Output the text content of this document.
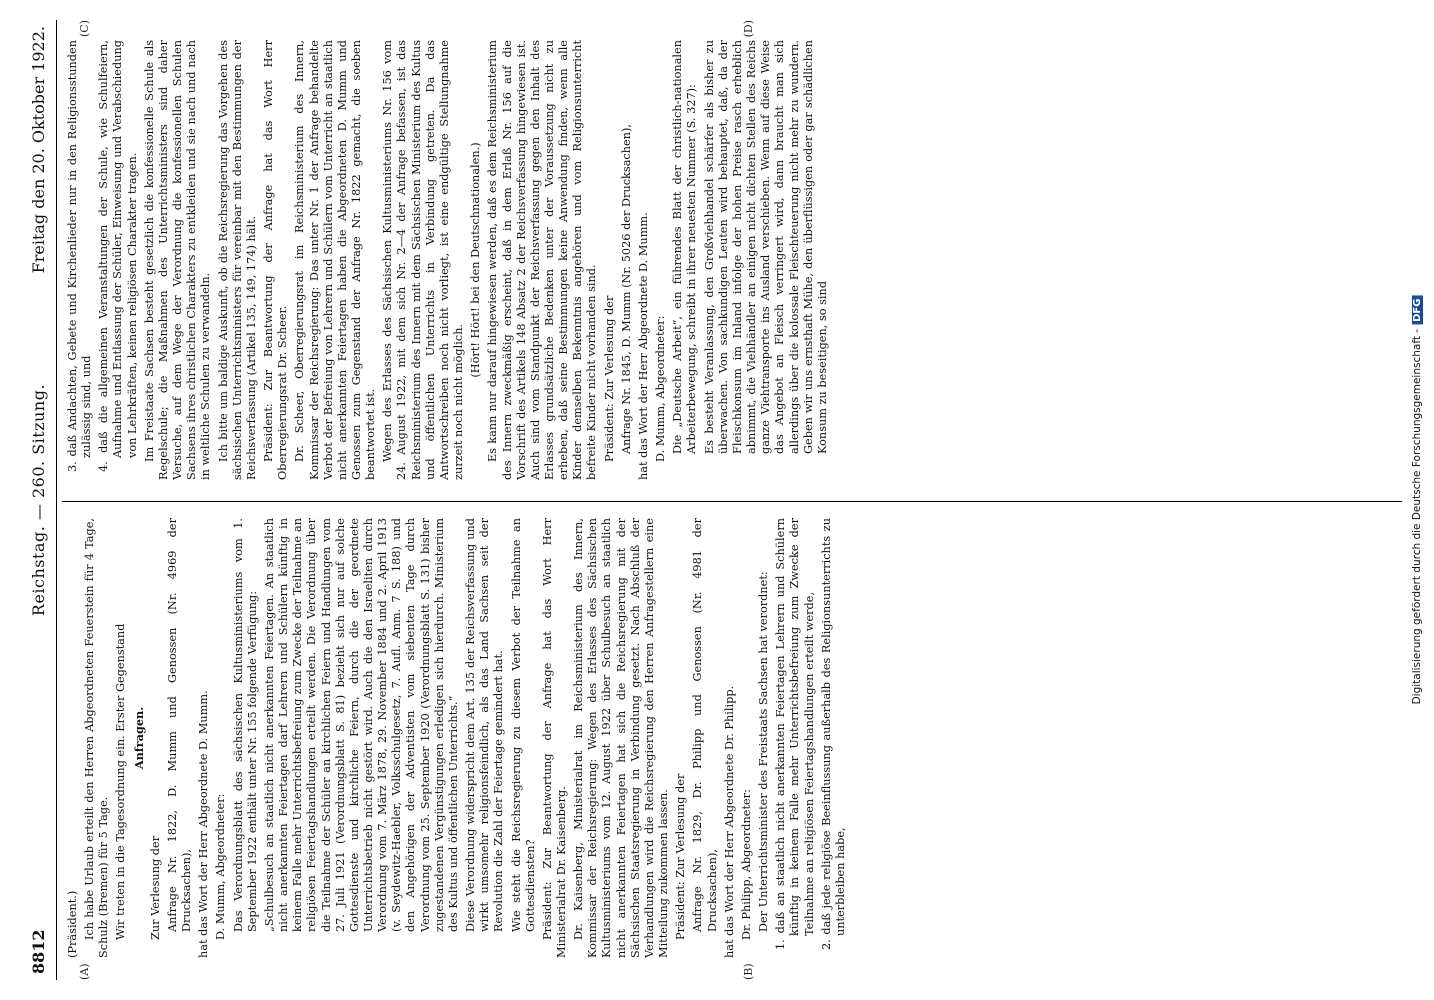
8812
Reichstag. — 260. Sitzung.
Freitag den 20. Oktober 1922.
(A)	(B)
(C)	(D)

(Präsident.) Ich habe Urlaub erteilt den Herren Abgeordneten Feuerstein für 4 Tage, Schulz (Bremen) für 5 Tage. Wir treten in die Tagesordnung ein. Erster Gegenstand Anfragen.

Zur Verlesung der Anfrage Nr. 1822, D. Mumm und Genossen (Nr. 4969 der Drucksachen), hat das Wort der Herr Abgeordnete D. Mumm. D. Mumm, Abgeordneter: Das Verordnungsblatt des sächsischen Kultusministeriums vom 1. September 1922 enthält unter Nr. 155 folgende Verfügung: „Schulbesuch an staatlich nicht anerkannten Feiertagen. An staatlich nicht anerkannten Feiertagen darf Lehrern und Schülern künftig in keinem Falle mehr Unterrichtsbefreiung zum Zwecke der Teilnahme an religiösen Feiertagshandlungen erteilt werden. Die Verordnung über die Teilnahme der Schüler an kirchlichen Feiern und Handlungen vom 27. Juli 1921 (Verordnungsblatt S. 81) bezieht sich nur auf solche Gottesdienste und kirchliche Feiern, durch die der geordnete Unterrichtsbetrieb nicht gestört wird. Auch die den Israeliten durch Verordnung vom 7. März 1878, 29. November 1884 und 2. April 1913 (v. Seydewitz-Haebler, Volksschulgesetz, 7. Aufl. Anm. 7 S. 188) und den Angehörigen der Adventisten vom siebenten Tage durch Verordnung vom 25. September 1920 (Verordnungsblatt S. 131) bisher zugestandenen Vergünstigungen erledigen sich hierdurch. Ministerium des Kultus und öffentlichen Unterrichts.“ Diese Verordnung widerspricht dem Art. 135 der Reichsverfassung und wirkt umsomehr religionsfeindlich, als das Land Sachsen seit der Revolution die Zahl der Feiertage gemindert hat. Wie steht die Reichsregierung zu diesem Verbot der Teilnahme an Gottesdiensten? Präsident: Zur Beantwortung der Anfrage hat das Wort Herr Ministerialrat Dr. Kaisenberg. Dr. Kaisenberg, Ministerialrat im Reichsministerium des Innern, Kommissar der Reichsregierung: Wegen des Erlasses des Sächsischen Kultusministeriums vom 12. August 1922 über Schulbesuch an staatlich nicht anerkannten Feiertagen hat sich die Reichsregierung mit der Sächsischen Staatsregierung in Verbindung gesetzt. Nach Abschluß der Verhandlungen wird die Reichsregierung den Herren Anfragestellern eine Mitteilung zukommen lassen. Präsident: Zur Verlesung der Anfrage Nr. 1829, Dr. Philipp und Genossen (Nr. 4981 der Drucksachen), hat das Wort der Herr Abgeordnete Dr. Philipp. Dr. Philipp, Abgeordneter: Der Unterrichtsminister des Freistaats Sachsen hat verordnet: 1. daß an staatlich nicht anerkannten Feiertagen Lehrern und Schülern künftig in keinem Falle mehr Unterrichtsbefreiung zum Zwecke der Teilnahme an religiösen Feiertagshandlungen erteilt werde, 2. daß jede religiöse Beeinflussung außerhalb des Religionsunterrichts zu unterbleiben habe,

3. daß Andachten, Gebete und Kirchenlieder nur in den Religionsstunden zulässig sind, und 4. daß die allgemeinen Veranstaltungen der Schule, wie Schulfeiern, Aufnahme und Entlassung der Schüler, Einweisung und Verabschiedung von Lehrkräften, keinen religiösen Charakter tragen. Im Freistaate Sachsen besteht gesetzlich die konfessionelle Schule als Regelschule; die Maßnahmen des Unterrichtsministers sind daher Versuche, auf dem Wege der Verordnung die konfessionellen Schulen Sachsens ihres christlichen Charakters zu entkleiden und sie nach und nach in weltliche Schulen zu verwandeln. Ich bitte um baldige Auskunft, ob die Reichsregierung das Vorgehen des sächsischen Unterrichtsministers für vereinbar mit den Bestimmungen der Reichsverfassung (Artikel 135, 149, 174) hält. Präsident: Zur Beantwortung der Anfrage hat das Wort Herr Oberregierungsrat Dr. Scheer. Dr. Scheer, Oberregierungsrat im Reichsministerium des Innern, Kommissar der Reichsregierung: Das unter Nr. 1 der Anfrage behandelte Verbot der Befreiung von Lehrern und Schülern vom Unterricht an staatlich nicht anerkannten Feiertagen haben die Abgeordneten D. Mumm und Genossen zum Gegenstand der Anfrage Nr. 1822 gemacht, die soeben beantwortet ist. Wegen des Erlasses des Sächsischen Kultusministeriums Nr. 156 vom 24. August 1922, mit dem sich Nr. 2—4 der Anfrage befassen, ist das Reichsministerium des Innern mit dem Sächsischen Ministerium des Kultus und öffentlichen Unterrichts in Verbindung getreten. Da das Antwortschreiben noch nicht vorliegt, ist eine endgültige Stellungnahme zurzeit noch nicht möglich.

(Hört! Hört! bei den Deutschnationalen.) Es kann nur darauf hingewiesen werden, daß es dem Reichsministerium des Innern zweckmäßig erscheint, daß in dem Erlaß Nr. 156 auf die Vorschrift des Artikels 148 Absatz 2 der Reichsverfassung hingewiesen ist. Auch sind vom Standpunkt der Reichsverfassung gegen den Inhalt des Erlasses grundsätzliche Bedenken unter der Voraussetzung nicht zu erheben, daß seine Bestimmungen keine Anwendung finden, wenn alle Kinder demselben Bekenntnis angehören und vom Religionsunterricht befreite Kinder nicht vorhanden sind. Präsident: Zur Verlesung der Anfrage Nr. 1845, D. Mumm (Nr. 5026 der Drucksachen), hat das Wort der Herr Abgeordnete D. Mumm. D. Mumm, Abgeordneter: Die „Deutsche Arbeit“, ein führendes Blatt der christlich-nationalen Arbeiterbewegung, schreibt in ihrer neuesten Nummer (S. 327): Es besteht Veranlassung, den Großviehhandel schärfer als bisher zu überwachen. Von sachkundigen Leuten wird behauptet, daß, da der Fleischkonsum im Inland infolge der hohen Preise rasch erheblich abnimmt, die Viehhändler an einigen nicht dichten Stellen des Reichs ganze Viehtransporte ins Ausland verschieben. Wenn auf diese Weise das Angebot an Fleisch verringert wird, dann braucht man sich allerdings über die kolossale Fleischteuerung nicht mehr zu wundern. Geben wir uns ernsthaft Mühe, den überflüssigen oder gar schädlichen Konsum zu beseitigen, so sind	Digitalisierung gefördert durch die Deutsche Forschungsgemeinschaft -DFG
